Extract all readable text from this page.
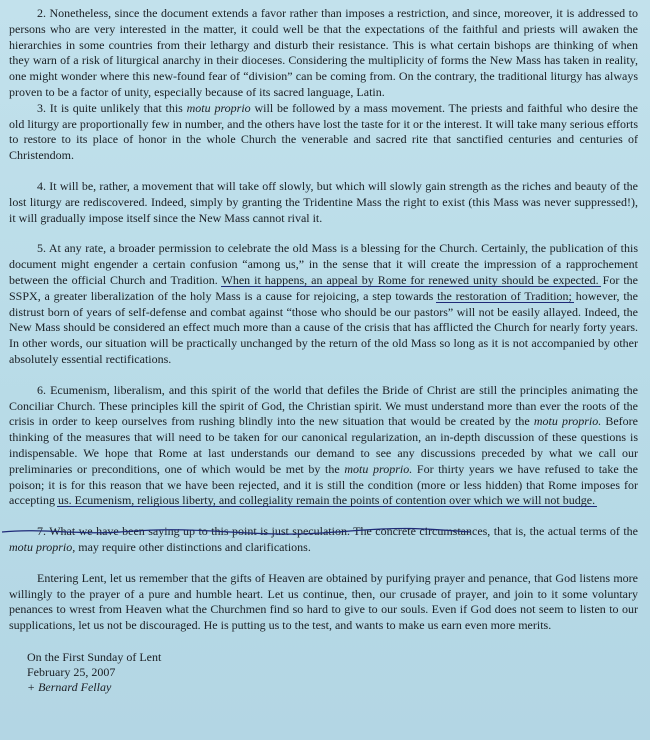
2. Nonetheless, since the document extends a favor rather than imposes a restriction, and since, moreover, it is addressed to persons who are very interested in the matter, it could well be that the expectations of the faithful and priests will awaken the hierarchies in some countries from their lethargy and disturb their resistance. This is what certain bishops are thinking of when they warn of a risk of liturgical anarchy in their dioceses. Considering the multiplicity of forms the New Mass has taken in reality, one might wonder where this new-found fear of “division” can be coming from. On the contrary, the traditional liturgy has always proven to be a factor of unity, especially because of its sacred language, Latin.

3. It is quite unlikely that this motu proprio will be followed by a mass movement. The priests and faithful who desire the old liturgy are proportionally few in number, and the others have lost the taste for it or the interest. It will take many serious efforts to restore to its place of honor in the whole Church the venerable and sacred rite that sanctified centuries and centuries of Christendom.

4. It will be, rather, a movement that will take off slowly, but which will slowly gain strength as the riches and beauty of the lost liturgy are rediscovered. Indeed, simply by granting the Tridentine Mass the right to exist (this Mass was never suppressed!), it will gradually impose itself since the New Mass cannot rival it.

5. At any rate, a broader permission to celebrate the old Mass is a blessing for the Church. Certainly, the publication of this document might engender a certain confusion “among us,” in the sense that it will create the impression of a rapprochement between the official Church and Tradition. When it happens, an appeal by Rome for renewed unity should be expected. For the SSPX, a greater liberalization of the holy Mass is a cause for rejoicing, a step towards the restoration of Tradition; however, the distrust born of years of self-defense and combat against “those who should be our pastors” will not be easily allayed. Indeed, the New Mass should be considered an effect much more than a cause of the crisis that has afflicted the Church for nearly forty years. In other words, our situation will be practically unchanged by the return of the old Mass so long as it is not accompanied by other absolutely essential rectifications.

6. Ecumenism, liberalism, and this spirit of the world that defiles the Bride of Christ are still the principles animating the Conciliar Church. These principles kill the spirit of God, the Christian spirit. We must understand more than ever the roots of the crisis in order to keep ourselves from rushing blindly into the new situation that would be created by the motu proprio. Before thinking of the measures that will need to be taken for our canonical regularization, an in-depth discussion of these questions is indispensable. We hope that Rome at last understands our demand to see any discussions preceded by what we call our preliminaries or preconditions, one of which would be met by the motu proprio. For thirty years we have refused to take the poison; it is for this reason that we have been rejected, and it is still the condition (more or less hidden) that Rome imposes for accepting us. Ecumenism, religious liberty, and collegiality remain the points of contention over which we will not budge.

7. What we have been saying up to this point is just speculation. The concrete circumstances, that is, the actual terms of the motu proprio, may require other distinctions and clarifications.

Entering Lent, let us remember that the gifts of Heaven are obtained by purifying prayer and penance, that God listens more willingly to the prayer of a pure and humble heart. Let us continue, then, our crusade of prayer, and join to it some voluntary penances to wrest from Heaven what the Churchmen find so hard to give to our souls. Even if God does not seem to listen to our supplications, let us not be discouraged. He is putting us to the test, and wants to make us earn even more merits.

On the First Sunday of Lent
February 25, 2007
+ Bernard Fellay
